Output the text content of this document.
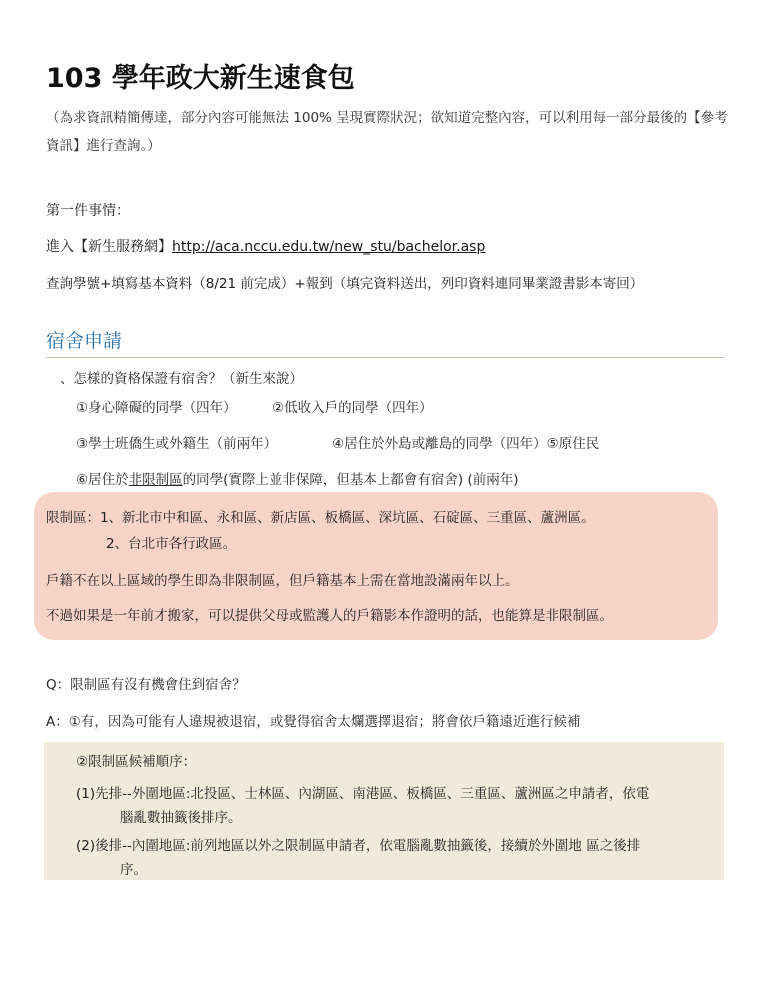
103 學年政大新生速食包
（為求資訊精簡傳達，部分內容可能無法 100% 呈現實際狀況；欲知道完整內容，可以利用每一部分最後的【參考資訊】進行查詢。）
第一件事情：
進入【新生服務網】http://aca.nccu.edu.tw/new_stu/bachelor.asp
查詢學號+填寫基本資料（8/21 前完成）+報到（填完資料送出，列印資料連同畢業證書影本寄回）
宿舍申請
、怎樣的資格保證有宿舍？（新生來說）
①身心障礙的同學（四年）	②低收入戶的同學（四年）
③學士班僑生或外籍生（前兩年）	④居住於外島或離島的同學（四年）⑤原住民
⑥居住於非限制區的同學(實際上並非保障，但基本上都會有宿舍) (前兩年)
限制區：1、新北市中和區、永和區、新店區、板橋區、深坑區、石碇區、三重區、蘆洲區。
2、台北市各行政區。
戶籍不在以上區域的學生即為非限制區，但戶籍基本上需在當地設滿兩年以上。
不過如果是一年前才搬家，可以提供父母或監護人的戶籍影本作證明的話，也能算是非限制區。
Q：限制區有沒有機會住到宿舍？
A：①有，因為可能有人違規被退宿，或覺得宿舍太爛選擇退宿；將會依戶籍遠近進行候補
②限制區候補順序：
(1)先排--外圍地區:北投區、士林區、內湖區、南港區、板橋區、三重區、蘆洲區之申請者，依電
腦亂數抽籤後排序。
(2)後排--內圍地區:前列地區以外之限制區申請者，依電腦亂數抽籤後，接續於外圍地 區之後排
序。
